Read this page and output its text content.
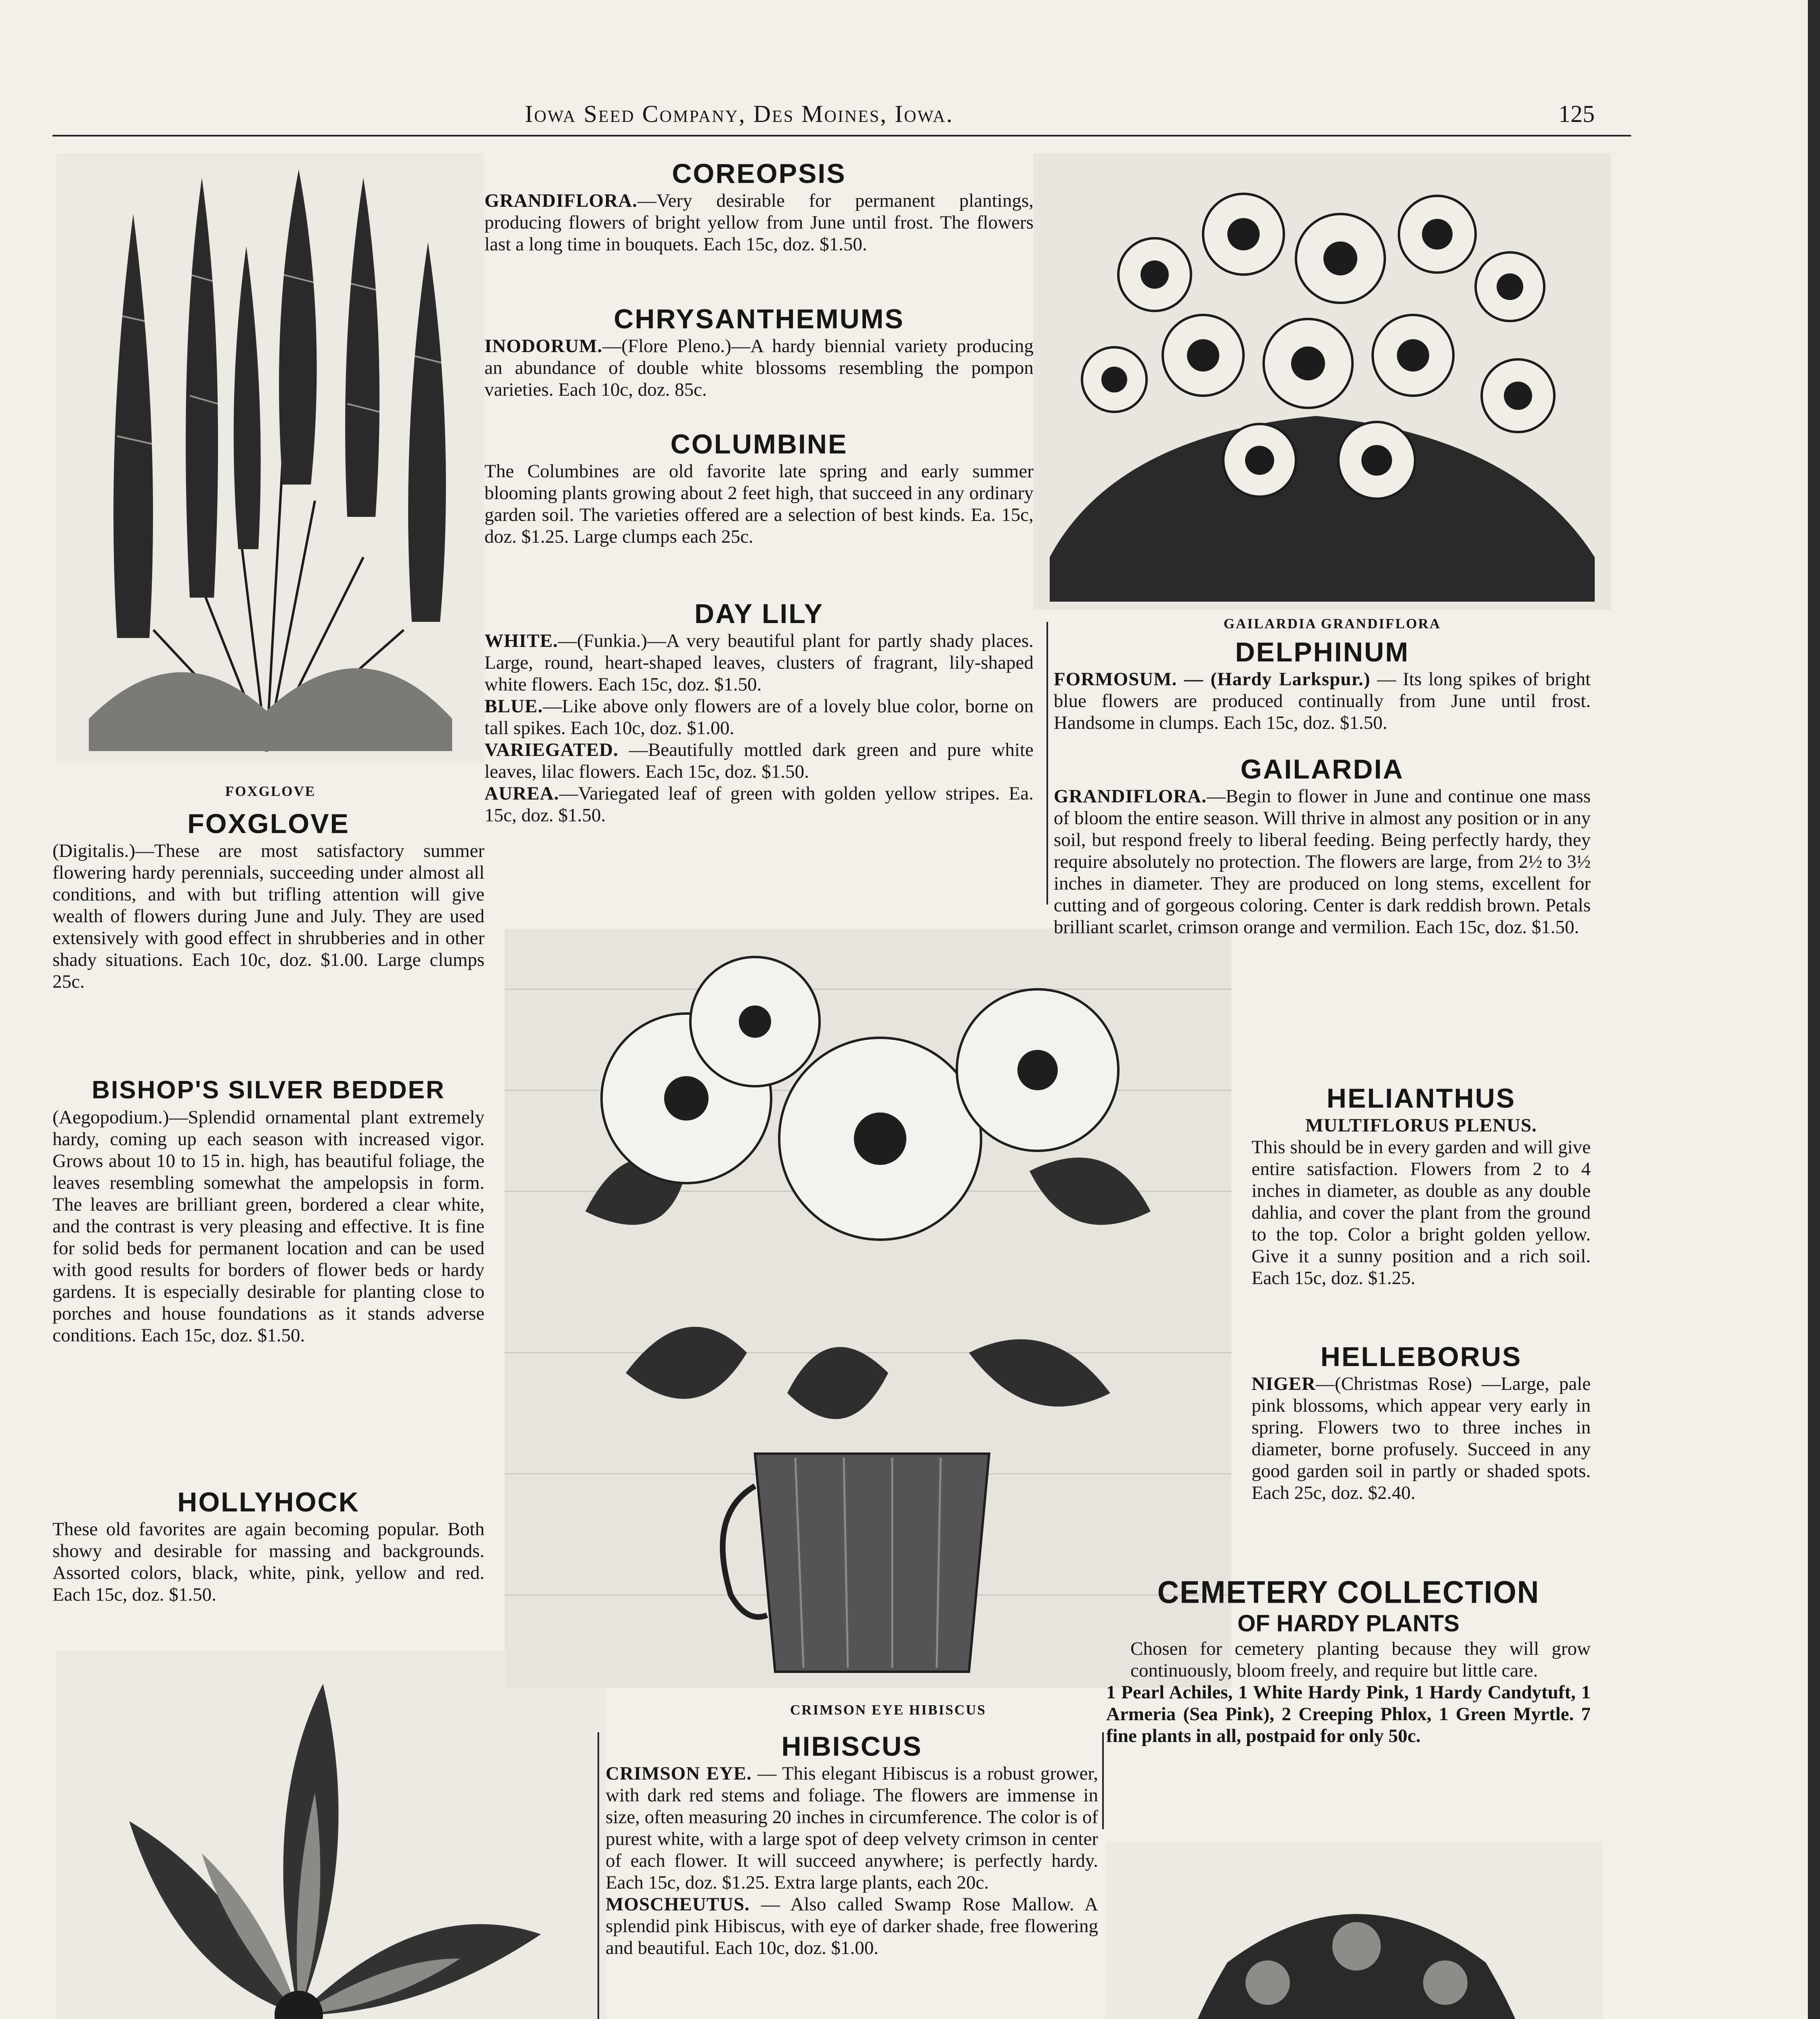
Iowa Seed Company, Des Moines, Iowa.	125
FOXGLOVE
FOXGLOVE
(Digitalis.)—These are most satisfactory summer flowering hardy perennials, succeeding under almost all conditions, and with but trifling attention will give wealth of flowers during June and July. They are used extensively with good effect in shrubberies and in other shady situations. Each 10c, doz. $1.00. Large clumps 25c.
BISHOP'S SILVER BEDDER
(Aegopodium.)—Splendid ornamental plant extremely hardy, coming up each season with increased vigor. Grows about 10 to 15 in. high, has beautiful foliage, the leaves resembling somewhat the ampelopsis in form. The leaves are brilliant green, bordered a clear white, and the contrast is very pleasing and effective. It is fine for solid beds for permanent location and can be used with good results for borders of flower beds or hardy gardens. It is especially desirable for planting close to porches and house foundations as it stands adverse conditions. Each 15c, doz. $1.50.
HOLLYHOCK
These old favorites are again becoming popular. Both showy and desirable for massing and backgrounds. Assorted colors, black, white, pink, yellow and red. Each 15c, doz. $1.50.
COREOPSIS
GRANDIFLORA.—Very desirable for permanent plantings, producing flowers of bright yellow from June until frost. The flowers last a long time in bouquets. Each 15c, doz. $1.50.
CHRYSANTHEMUMS
INODORUM.—(Flore Pleno.)—A hardy biennial variety producing an abundance of double white blossoms resembling the pompon varieties. Each 10c, doz. 85c.
COLUMBINE
The Columbines are old favorite late spring and early summer blooming plants growing about 2 feet high, that succeed in any ordinary garden soil. The varieties offered are a selection of best kinds. Ea. 15c, doz. $1.25. Large clumps each 25c.
DAY LILY
WHITE.—(Funkia.)—A very beautiful plant for partly shady places. Large, round, heart-shaped leaves, clusters of fragrant, lily-shaped white flowers. Each 15c, doz. $1.50.
BLUE.—Like above only flowers are of a lovely blue color, borne on tall spikes. Each 10c, doz. $1.00.
VARIEGATED. —Beautifully mottled dark green and pure white leaves, lilac flowers. Each 15c, doz. $1.50.
AUREA.—Variegated leaf of green with golden yellow stripes. Ea. 15c, doz. $1.50.
CRIMSON EYE HIBISCUS
HIBISCUS
CRIMSON EYE. — This elegant Hibiscus is a robust grower, with dark red stems and foliage. The flowers are immense in size, often measuring 20 inches in circumference. The color is of purest white, with a large spot of deep velvety crimson in center of each flower. It will succeed anywhere; is perfectly hardy. Each 15c, doz. $1.25. Extra large plants, each 20c.
MOSCHEUTUS. — Also called Swamp Rose Mallow. A splendid pink Hibiscus, with eye of darker shade, free flowering and beautiful. Each 10c, doz. $1.00.
GAILARDIA GRANDIFLORA
DELPHINUM
FORMOSUM. — (Hardy Larkspur.) — Its long spikes of bright blue flowers are produced continually from June until frost. Handsome in clumps. Each 15c, doz. $1.50.
GAILARDIA
GRANDIFLORA.—Begin to flower in June and continue one mass of bloom the entire season. Will thrive in almost any position or in any soil, but respond freely to liberal feeding. Being perfectly hardy, they require absolutely no protection. The flowers are large, from 2½ to 3½ inches in diameter. They are produced on long stems, excellent for cutting and of gorgeous coloring. Center is dark reddish brown. Petals brilliant scarlet, crimson orange and vermilion. Each 15c, doz. $1.50.
HELIANTHUS
MULTIFLORUS PLENUS.
This should be in every garden and will give entire satisfaction. Flowers from 2 to 4 inches in diameter, as double as any double dahlia, and cover the plant from the ground to the top. Color a bright golden yellow. Give it a sunny position and a rich soil. Each 15c, doz. $1.25.
HELLEBORUS
NIGER—(Christmas Rose) —Large, pale pink blossoms, which appear very early in spring. Flowers two to three inches in diameter, borne profusely. Succeed in any good garden soil in partly or shaded spots. Each 25c, doz. $2.40.
CEMETERY COLLECTION
OF HARDY PLANTS
Chosen for cemetery planting because they will grow continuously, bloom freely, and require but little care.
1 Pearl Achiles, 1 White Hardy Pink, 1 Hardy Candytuft, 1 Armeria (Sea Pink), 2 Creeping Phlox, 1 Green Myrtle. 7 fine plants in all, postpaid for only 50c.
